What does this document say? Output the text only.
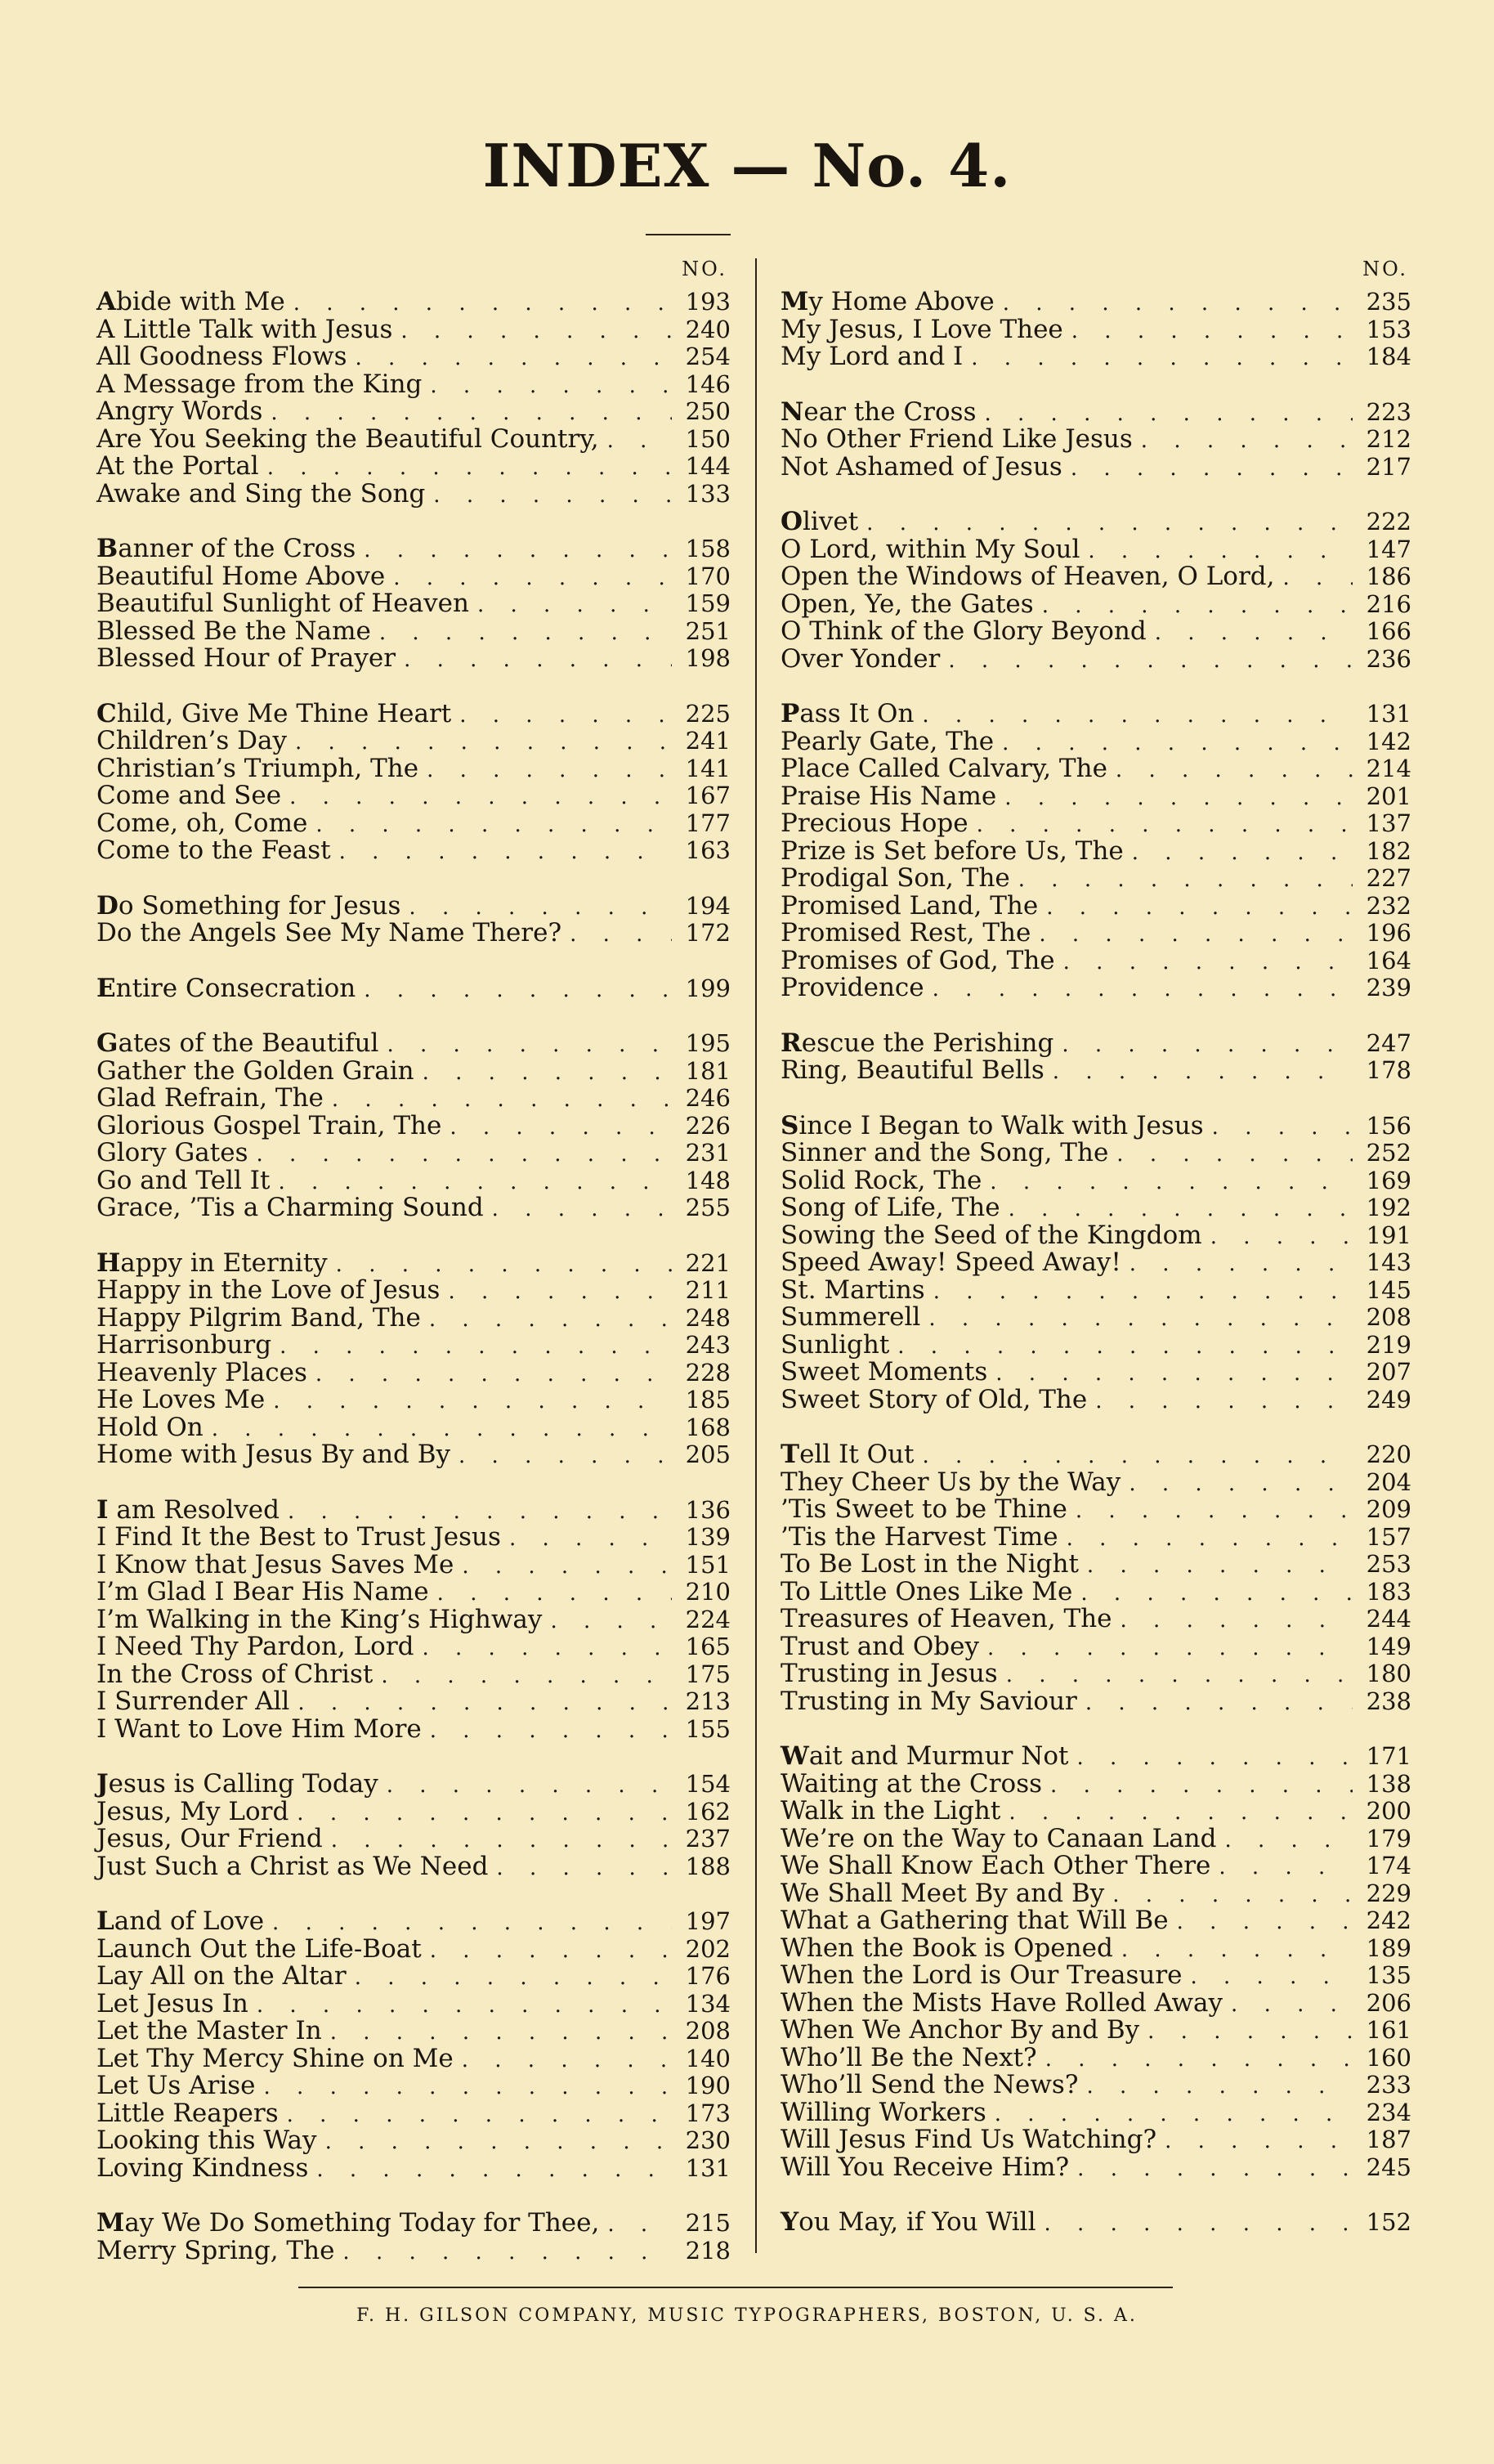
INDEX — No. 4.
NO.
Abide with Me . . .	193
A Little Talk with Jesus . . .	240
All Goodness Flows . . .	254
A Message from the King . . .	146
Angry Words . . .	250
Are You Seeking the Beautiful Country, . . .	150
At the Portal . . .	144
Awake and Sing the Song . . .	133
Banner of the Cross . . .	158
Beautiful Home Above . . .	170
Beautiful Sunlight of Heaven . . .	159
Blessed Be the Name . . .	251
Blessed Hour of Prayer . . .	198
Child, Give Me Thine Heart . . .	225
Children’s Day . . .	241
Christian’s Triumph, The . . .	141
Come and See . . .	167
Come, oh, Come . . .	177
Come to the Feast . . .	163
Do Something for Jesus . . .	194
Do the Angels See My Name There? . . .	172
Entire Consecration . . .	199
Gates of the Beautiful . . .	195
Gather the Golden Grain . . .	181
Glad Refrain, The . . .	246
Glorious Gospel Train, The . . .	226
Glory Gates . . .	231
Go and Tell It . . .	148
Grace, ’Tis a Charming Sound . . .	255
Happy in Eternity . . .	221
Happy in the Love of Jesus . . .	211
Happy Pilgrim Band, The . . .	248
Harrisonburg . . .	243
Heavenly Places . . .	228
He Loves Me . . .	185
Hold On . . .	168
Home with Jesus By and By . . .	205
I am Resolved . . .	136
I Find It the Best to Trust Jesus . . .	139
I Know that Jesus Saves Me . . .	151
I’m Glad I Bear His Name . . .	210
I’m Walking in the King’s Highway . . .	224
I Need Thy Pardon, Lord . . .	165
In the Cross of Christ . . .	175
I Surrender All . . .	213
I Want to Love Him More . . .	155
Jesus is Calling Today . . .	154
Jesus, My Lord . . .	162
Jesus, Our Friend . . .	237
Just Such a Christ as We Need . . .	188
Land of Love . . .	197
Launch Out the Life-Boat . . .	202
Lay All on the Altar . . .	176
Let Jesus In . . .	134
Let the Master In . . .	208
Let Thy Mercy Shine on Me . . .	140
Let Us Arise . . .	190
Little Reapers . . .	173
Looking this Way . . .	230
Loving Kindness . . .	131
May We Do Something Today for Thee, . . .	215
Merry Spring, The . . .	218
NO.
My Home Above . . .	235
My Jesus, I Love Thee . . .	153
My Lord and I . . .	184
Near the Cross . . .	223
No Other Friend Like Jesus . . .	212
Not Ashamed of Jesus . . .	217
Olivet . . .	222
O Lord, within My Soul . . .	147
Open the Windows of Heaven, O Lord, . . .	186
Open, Ye, the Gates . . .	216
O Think of the Glory Beyond . . .	166
Over Yonder . . .	236
Pass It On . . .	131
Pearly Gate, The . . .	142
Place Called Calvary, The . . .	214
Praise His Name . . .	201
Precious Hope . . .	137
Prize is Set before Us, The . . .	182
Prodigal Son, The . . .	227
Promised Land, The . . .	232
Promised Rest, The . . .	196
Promises of God, The . . .	164
Providence . . .	239
Rescue the Perishing . . .	247
Ring, Beautiful Bells . . .	178
Since I Began to Walk with Jesus . . .	156
Sinner and the Song, The . . .	252
Solid Rock, The . . .	169
Song of Life, The . . .	192
Sowing the Seed of the Kingdom . . .	191
Speed Away! Speed Away! . . .	143
St. Martins . . .	145
Summerell . . .	208
Sunlight . . .	219
Sweet Moments . . .	207
Sweet Story of Old, The . . .	249
Tell It Out . . .	220
They Cheer Us by the Way . . .	204
’Tis Sweet to be Thine . . .	209
’Tis the Harvest Time . . .	157
To Be Lost in the Night . . .	253
To Little Ones Like Me . . .	183
Treasures of Heaven, The . . .	244
Trust and Obey . . .	149
Trusting in Jesus . . .	180
Trusting in My Saviour . . .	238
Wait and Murmur Not . . .	171
Waiting at the Cross . . .	138
Walk in the Light . . .	200
We’re on the Way to Canaan Land . . .	179
We Shall Know Each Other There . . .	174
We Shall Meet By and By . . .	229
What a Gathering that Will Be . . .	242
When the Book is Opened . . .	189
When the Lord is Our Treasure . . .	135
When the Mists Have Rolled Away . . .	206
When We Anchor By and By . . .	161
Who’ll Be the Next? . . .	160
Who’ll Send the News? . . .	233
Willing Workers . . .	234
Will Jesus Find Us Watching? . . .	187
Will You Receive Him? . . .	245
You May, if You Will . . .	152
F. H. GILSON COMPANY, MUSIC TYPOGRAPHERS, BOSTON, U. S. A.
